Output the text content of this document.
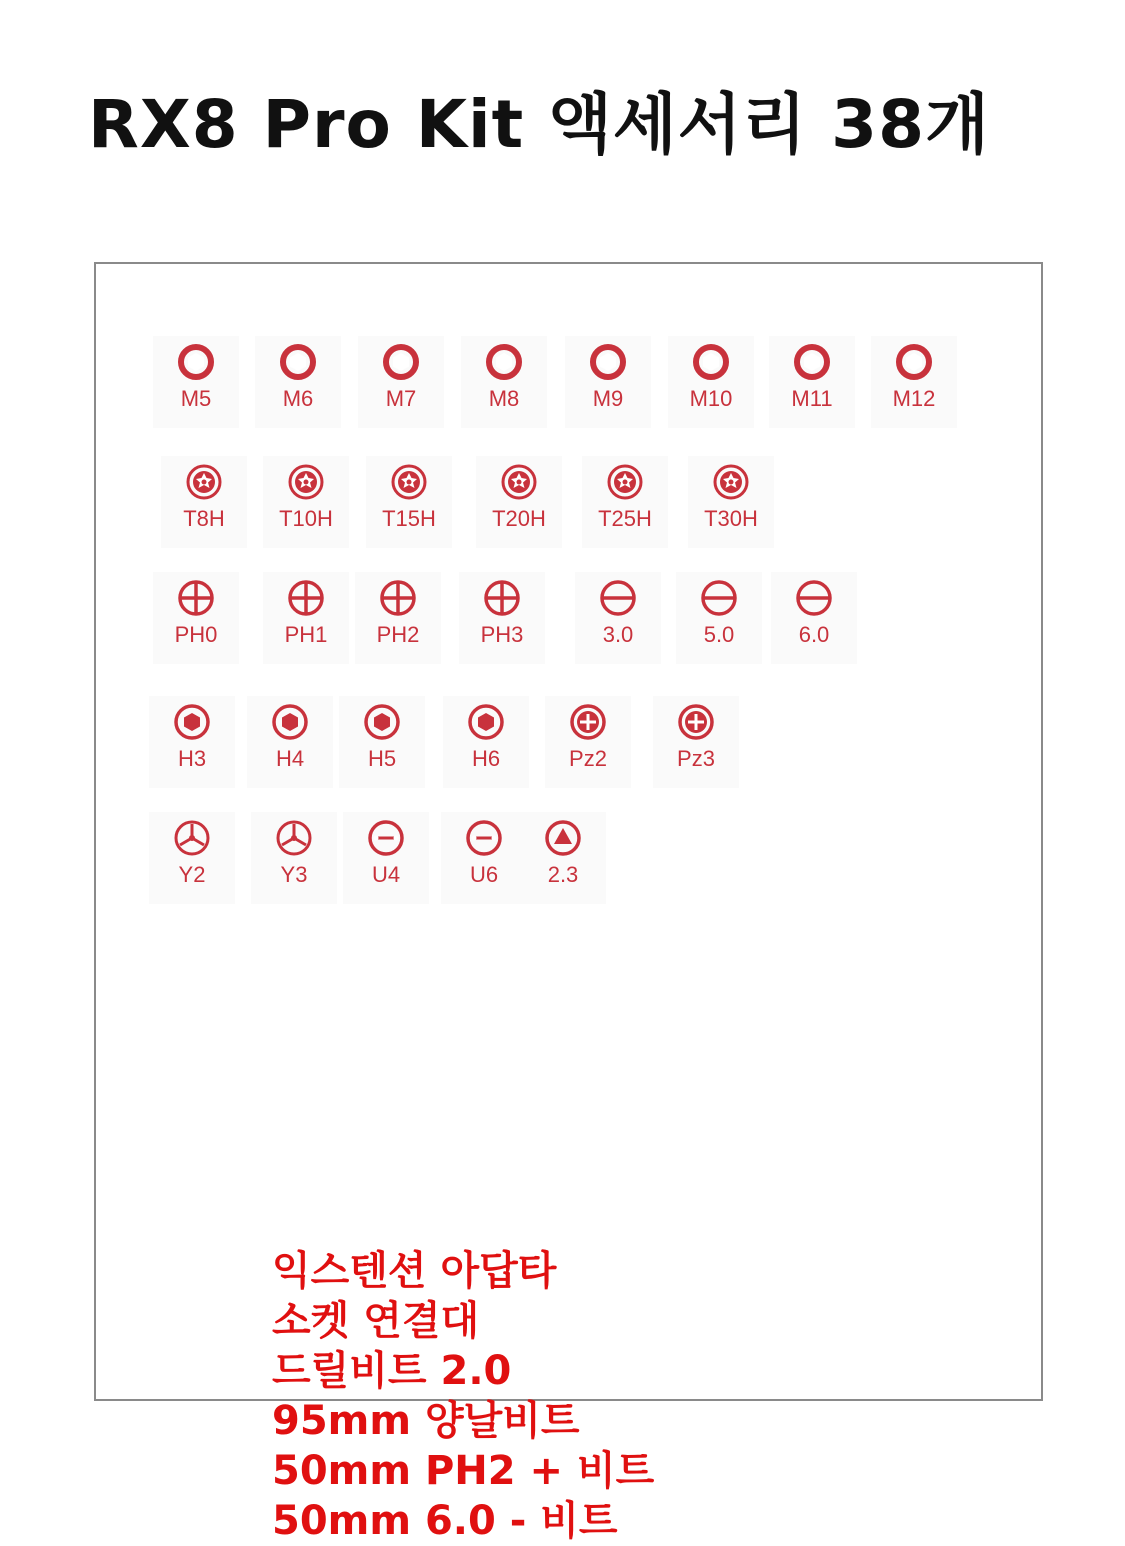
RX8 Pro Kit 액세서리 38개
M5	M6	M7	M8	M9	M10	M11	M12
T8H	T10H	T15H	T20H	T25H	T30H
PH0	PH1	PH2	PH3	3.0	5.0	6.0
H3	H4	H5	H6	Pz2	Pz3
Y2	Y3	U4	U6	2.3
익스텐션 아답타
소켓 연결대
드릴비트 2.0
95mm 양날비트
50mm PH2 + 비트
50mm 6.0 - 비트
